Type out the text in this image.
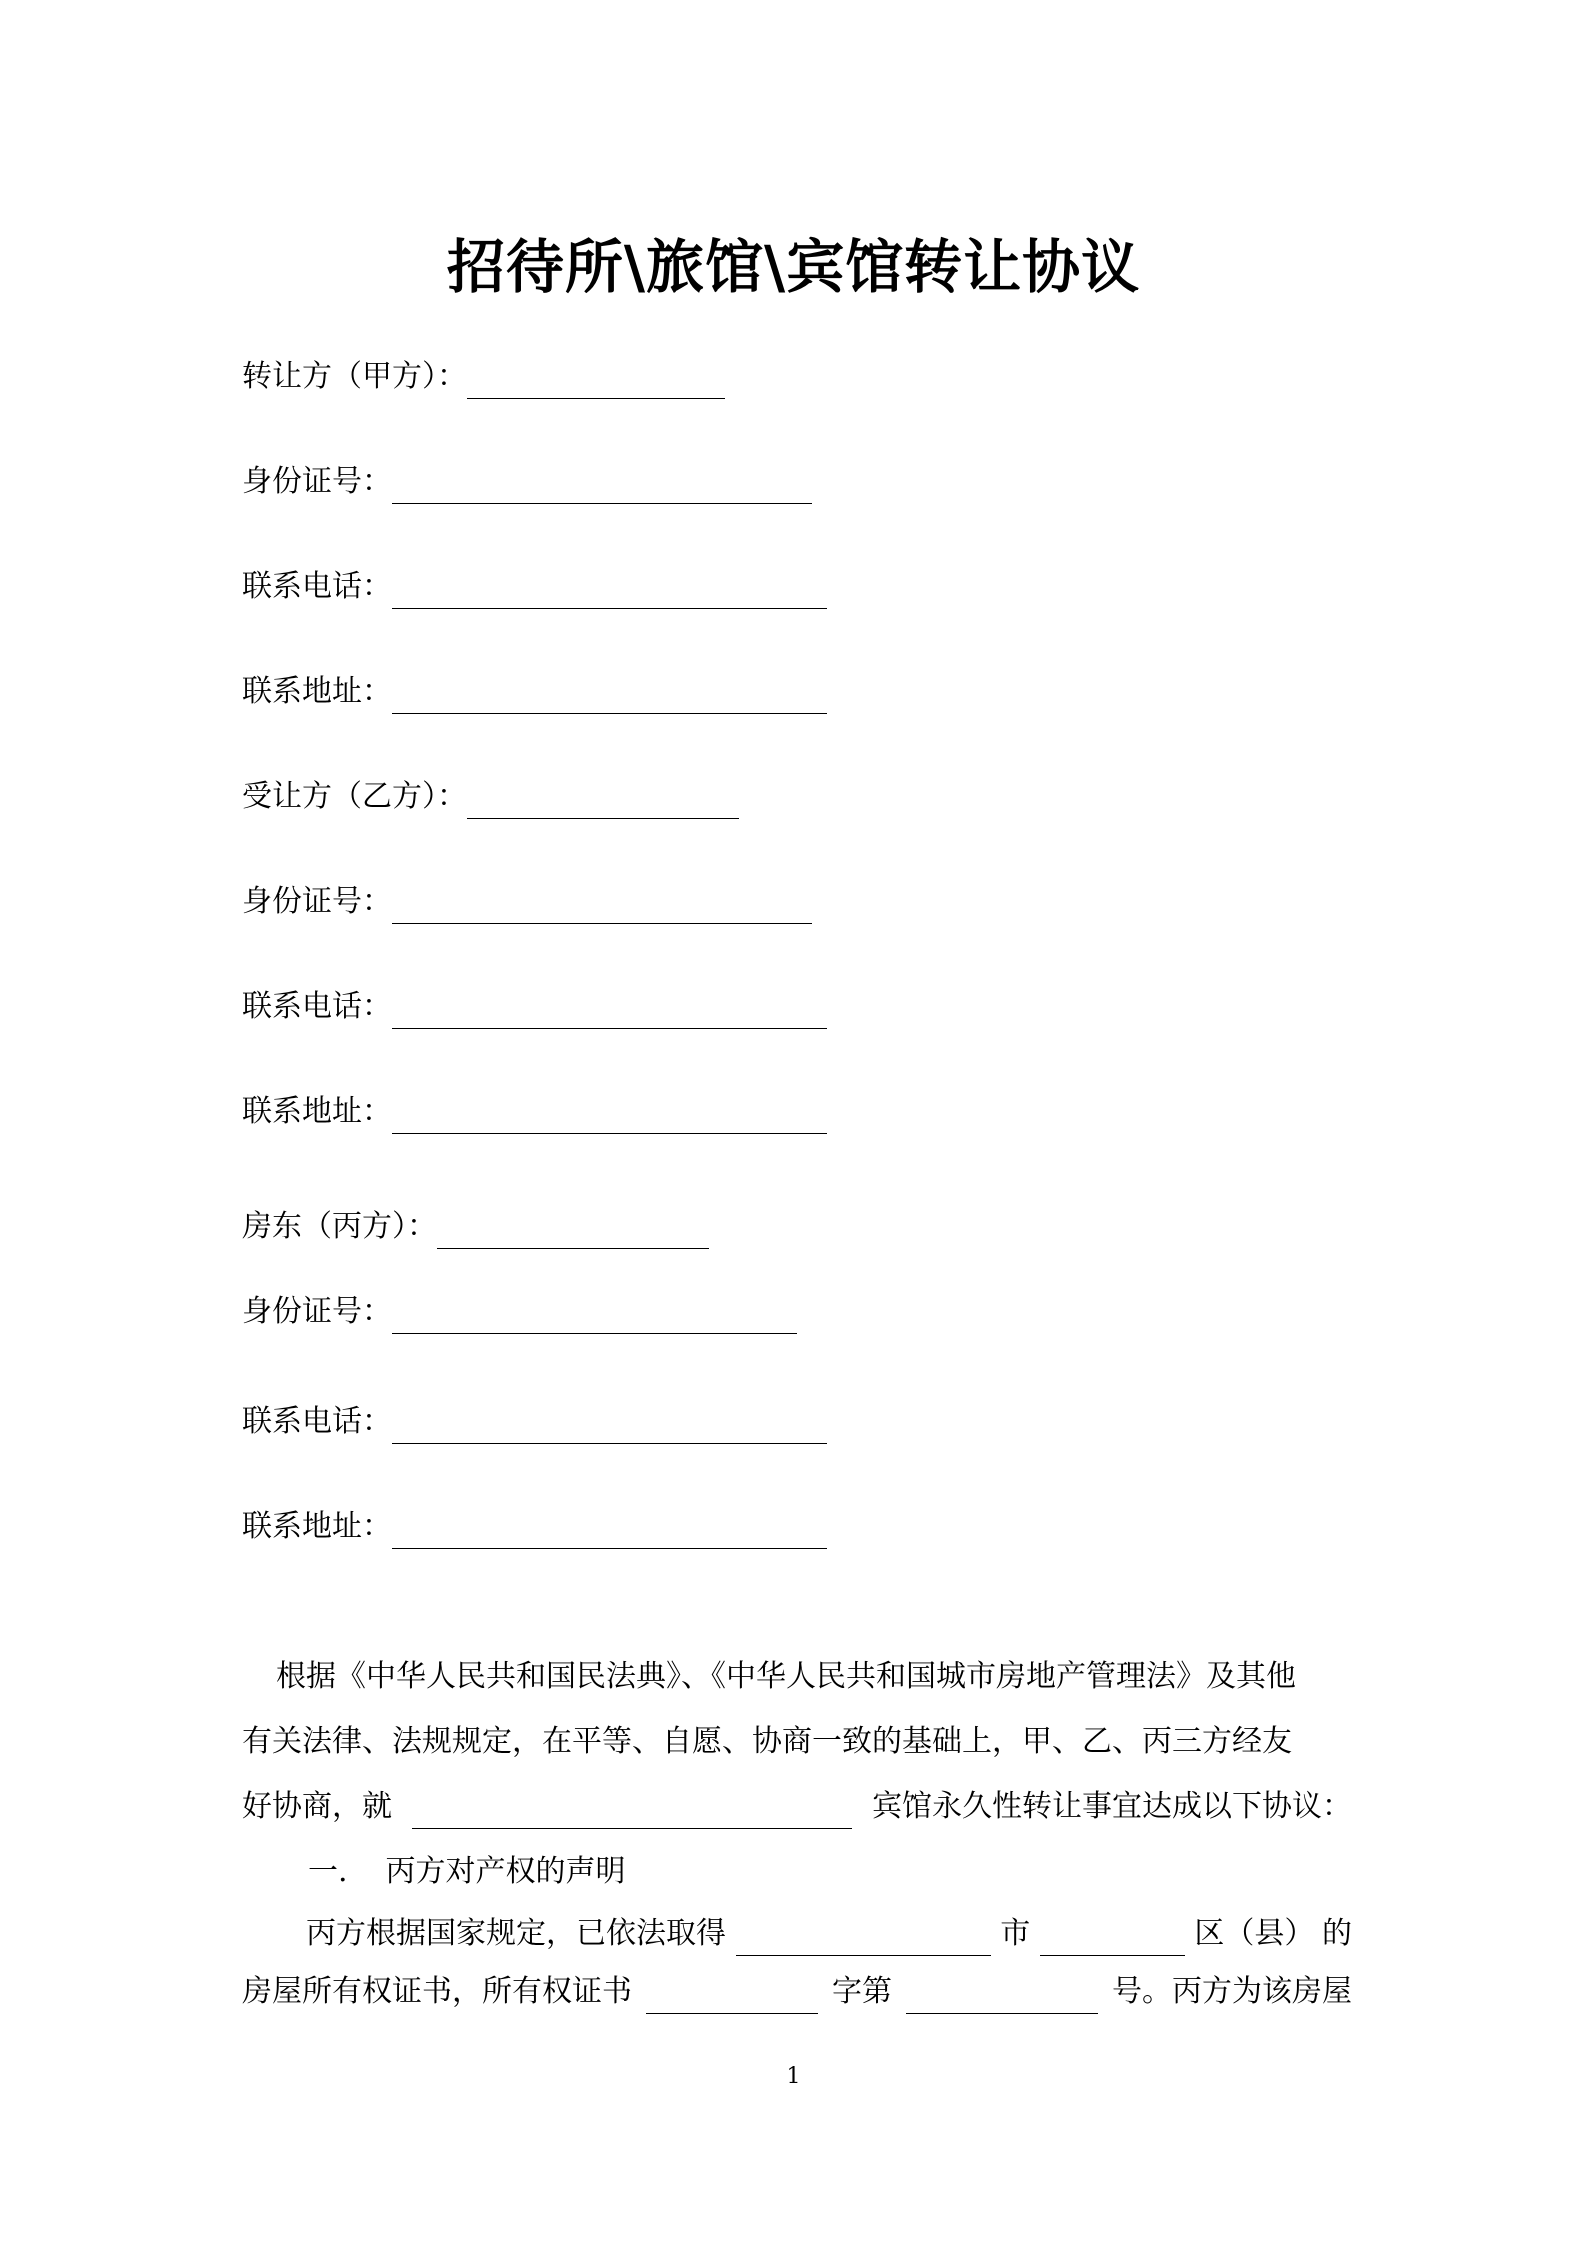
招待所\旅馆\宾馆转让协议
转让方（甲方）：
身份证号：
联系电话：
联系地址：
受让方（乙方）：
身份证号：
联系电话：
联系地址：
房东（丙方）：
身份证号：
联系电话：
联系地址：
根据《中华人民共和国民法典》、《中华人民共和国城市房地产管理法》及其他
有关法律、法规规定，在平等、自愿、协商一致的基础上，甲、乙、丙三方经友
好协商，就	宾馆永久性转让事宜达成以下协议：
一. 丙方对产权的声明
丙方根据国家规定，已依法取得	市	区（县） 的
房屋所有权证书，所有权证书	字第	号。丙方为该房屋
1
